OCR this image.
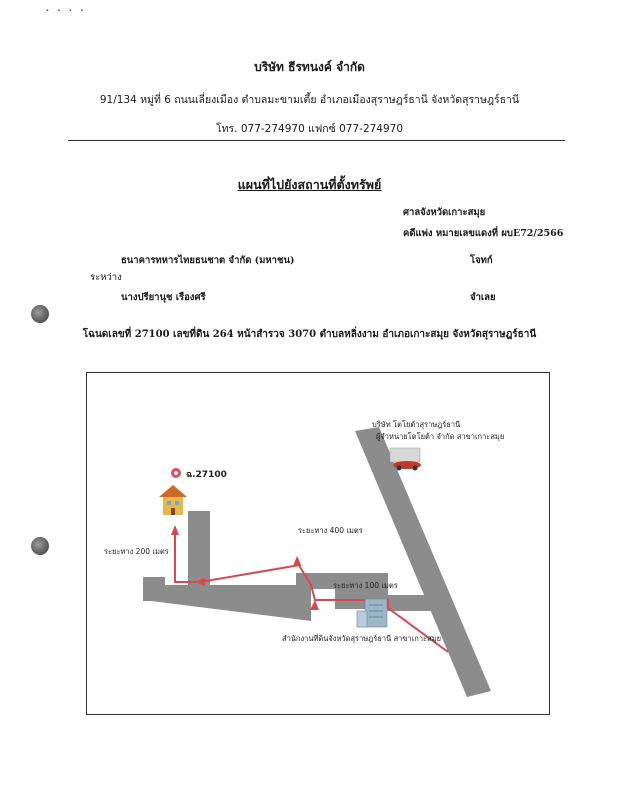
˙ ˙ ˙ ˙
บริษัท ธีรทนงค์ จำกัด
91/134 หมู่ที่ 6 ถนนเลี่ยงเมือง ตำบลมะขามเตี้ย อำเภอเมืองสุราษฎร์ธานี จังหวัดสุราษฎร์ธานี
โทร. 077-274970 แฟกซ์ 077-274970
แผนที่ไปยังสถานที่ตั้งทรัพย์
ศาลจังหวัดเกาะสมุย
คดีแพ่ง หมายเลขแดงที่ ผบE72/2566
ธนาคารทหารไทยธนชาต จำกัด (มหาชน)	โจทก์
ระหว่าง
นางปรียานุช เรืองศรี	จำเลย
โฉนดเลขที่ 27100 เลขที่ดิน 264 หน้าสำรวจ 3070 ตำบลหลิ่งงาม อำเภอเกาะสมุย จังหวัดสุราษฎร์ธานี
ฉ.27100
บริษัท โตโยต้าสุราษฎร์ธานี
ผู้จำหน่ายโตโยต้า จำกัด สาขาเกาะสมุย
ระยะทาง 200 เมตร
ระยะทาง 400 เมตร
ระยะทาง 100 เมตร
สำนักงานที่ดินจังหวัดสุราษฎร์ธานี สาขาเกาะสมุย
